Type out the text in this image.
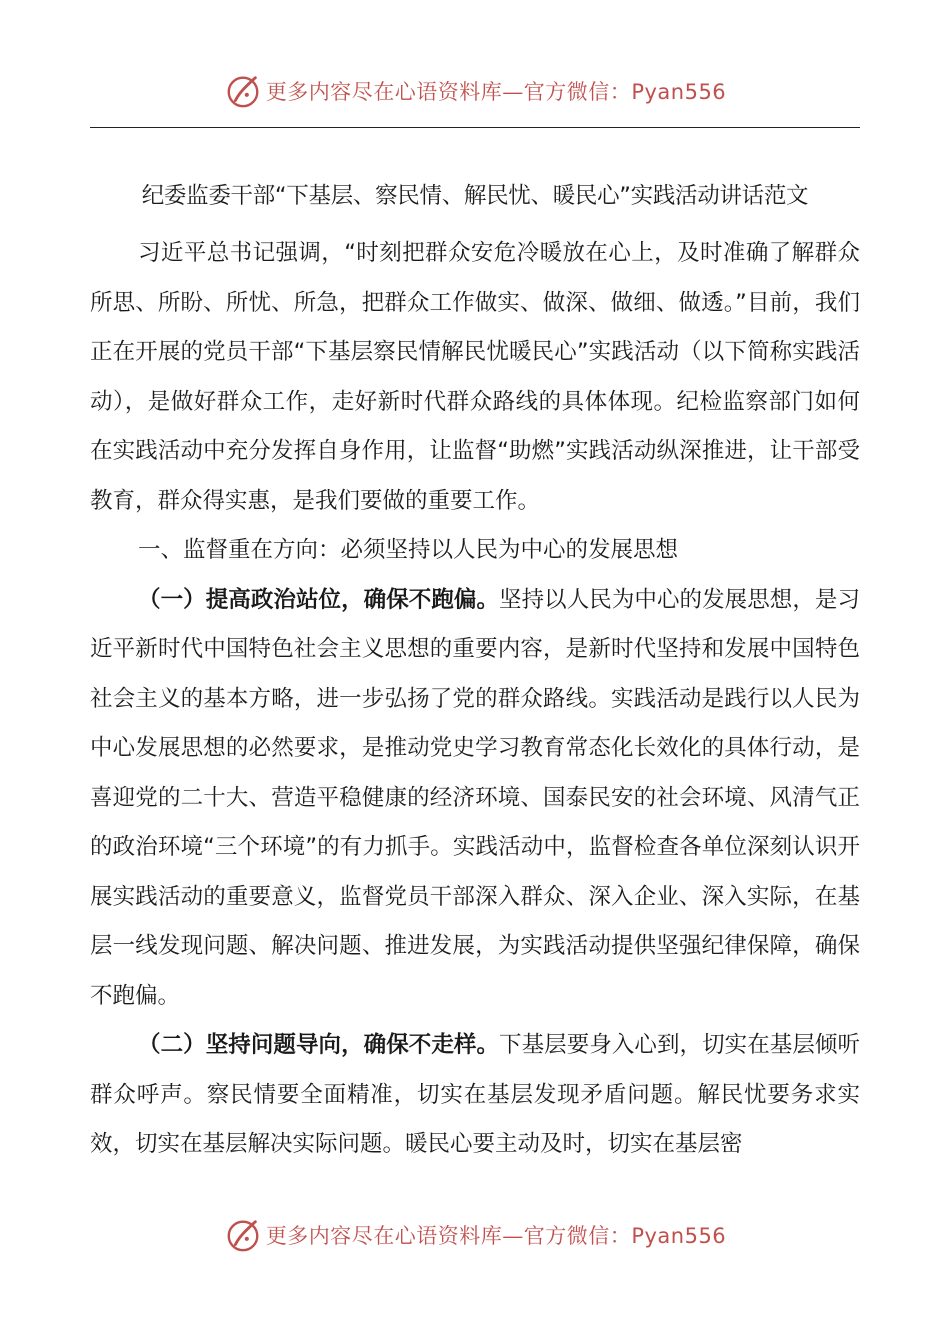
更多内容尽在心语资料库—官方微信：Pyan556
纪委监委干部“下基层、察民情、解民忧、暖民心”实践活动讲话范文

习近平总书记强调，“时刻把群众安危冷暖放在心上，及时准确了解群众所思、所盼、所忧、所急，把群众工作做实、做深、做细、做透。”目前，我们正在开展的党员干部“下基层察民情解民忧暖民心”实践活动（以下简称实践活动），是做好群众工作，走好新时代群众路线的具体体现。纪检监察部门如何在实践活动中充分发挥自身作用，让监督“助燃”实践活动纵深推进，让干部受教育，群众得实惠，是我们要做的重要工作。

一、监督重在方向：必须坚持以人民为中心的发展思想

（一）提高政治站位，确保不跑偏。坚持以人民为中心的发展思想，是习近平新时代中国特色社会主义思想的重要内容，是新时代坚持和发展中国特色社会主义的基本方略，进一步弘扬了党的群众路线。实践活动是践行以人民为中心发展思想的必然要求，是推动党史学习教育常态化长效化的具体行动，是喜迎党的二十大、营造平稳健康的经济环境、国泰民安的社会环境、风清气正的政治环境“三个环境”的有力抓手。实践活动中，监督检查各单位深刻认识开展实践活动的重要意义，监督党员干部深入群众、深入企业、深入实际，在基层一线发现问题、解决问题、推进发展，为实践活动提供坚强纪律保障，确保不跑偏。

（二）坚持问题导向，确保不走样。下基层要身入心到，切实在基层倾听群众呼声。察民情要全面精准，切实在基层发现矛盾问题。解民忧要务求实效，切实在基层解决实际问题。暖民心要主动及时，切实在基层密

更多内容尽在心语资料库—官方微信：Pyan556
